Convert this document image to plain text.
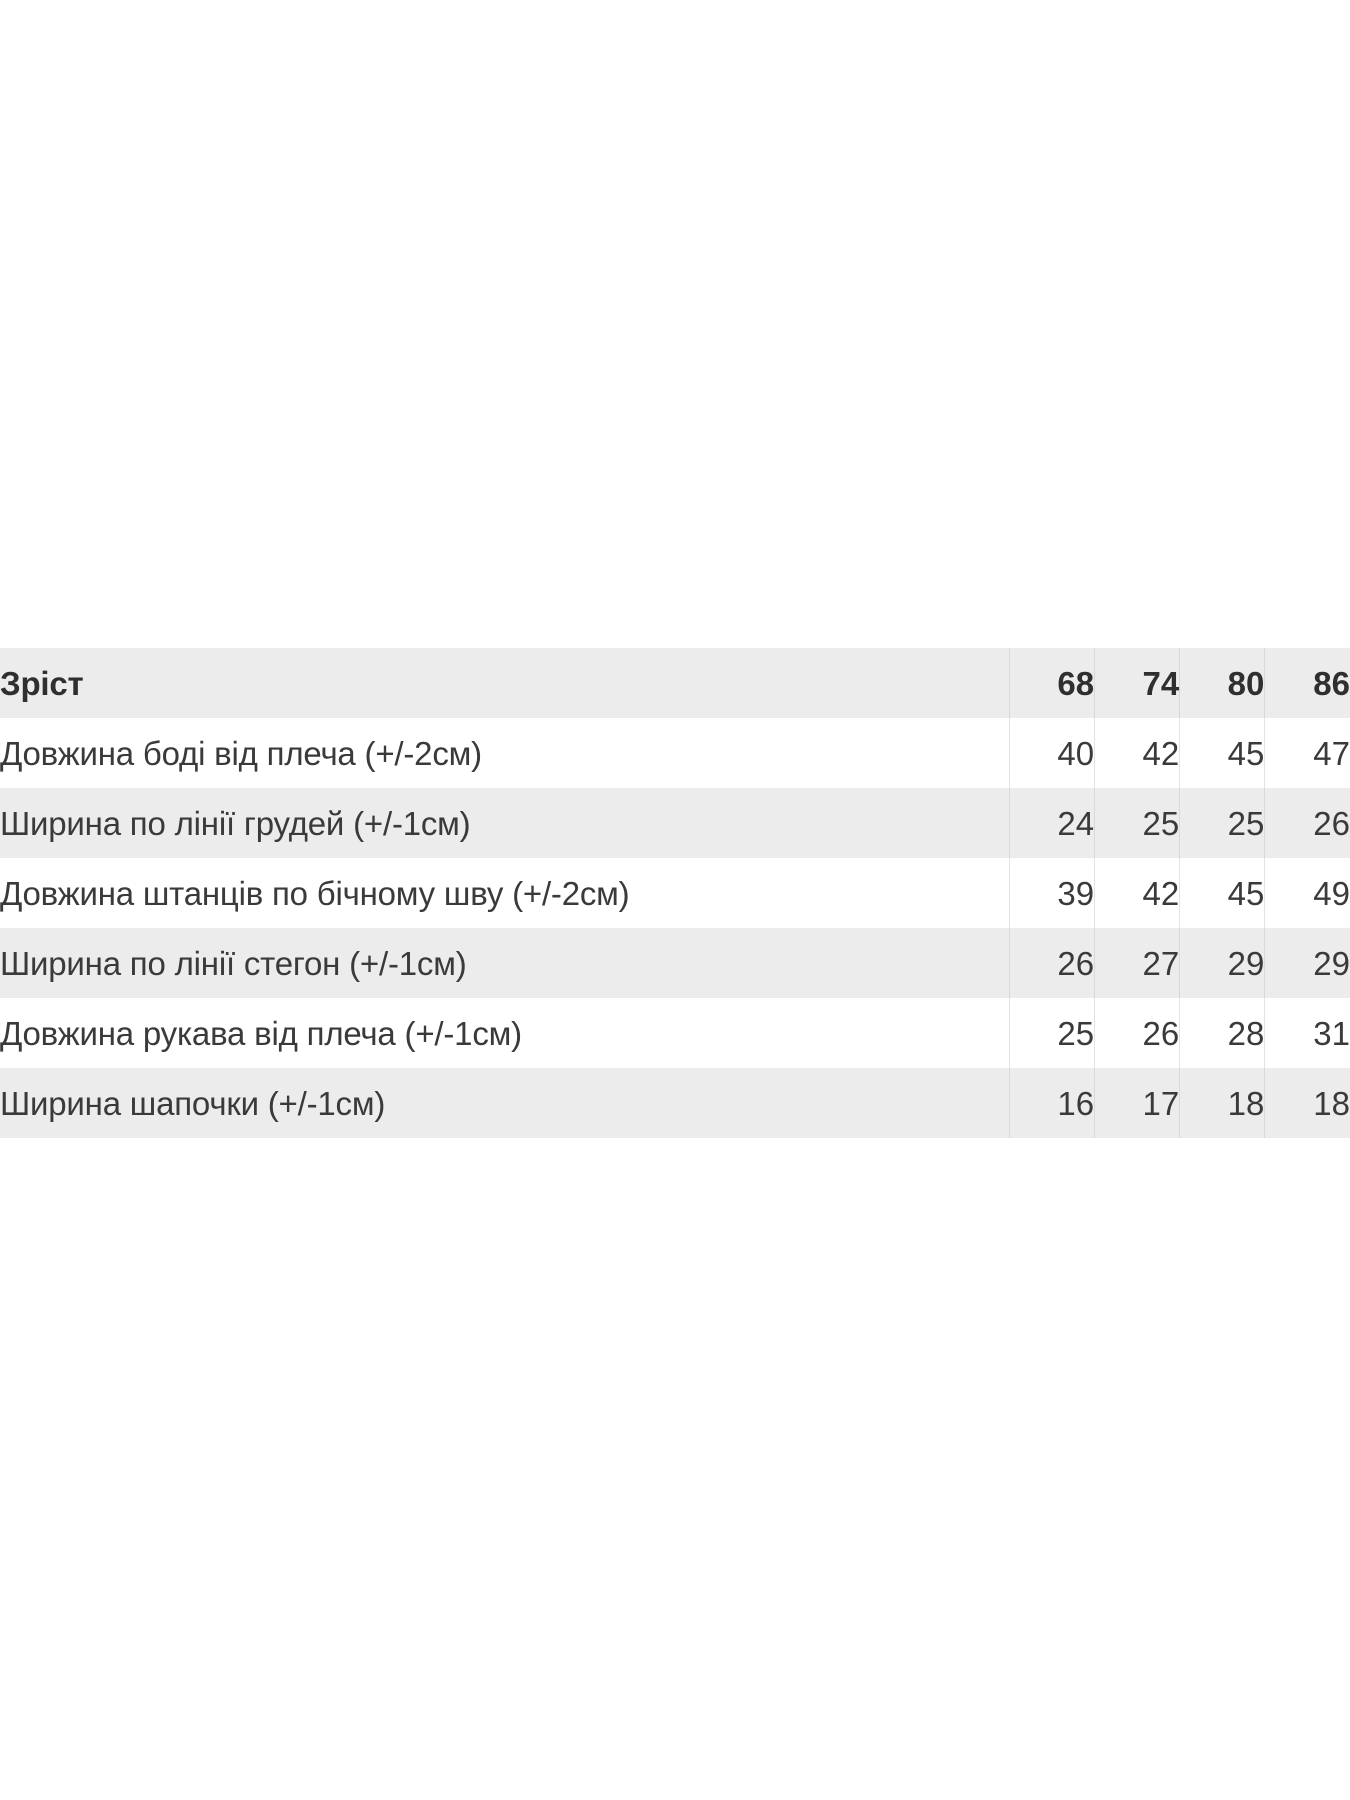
Зріст	68	74	80	86
Довжина боді від плеча (+/-2см)	40	42	45	47
Ширина по лінії грудей (+/-1см)	24	25	25	26
Довжина штанців по бічному шву (+/-2см)	39	42	45	49
Ширина по лінії стегон (+/-1см)	26	27	29	29
Довжина рукава від плеча (+/-1см)	25	26	28	31
Ширина шапочки (+/-1см)	16	17	18	18
